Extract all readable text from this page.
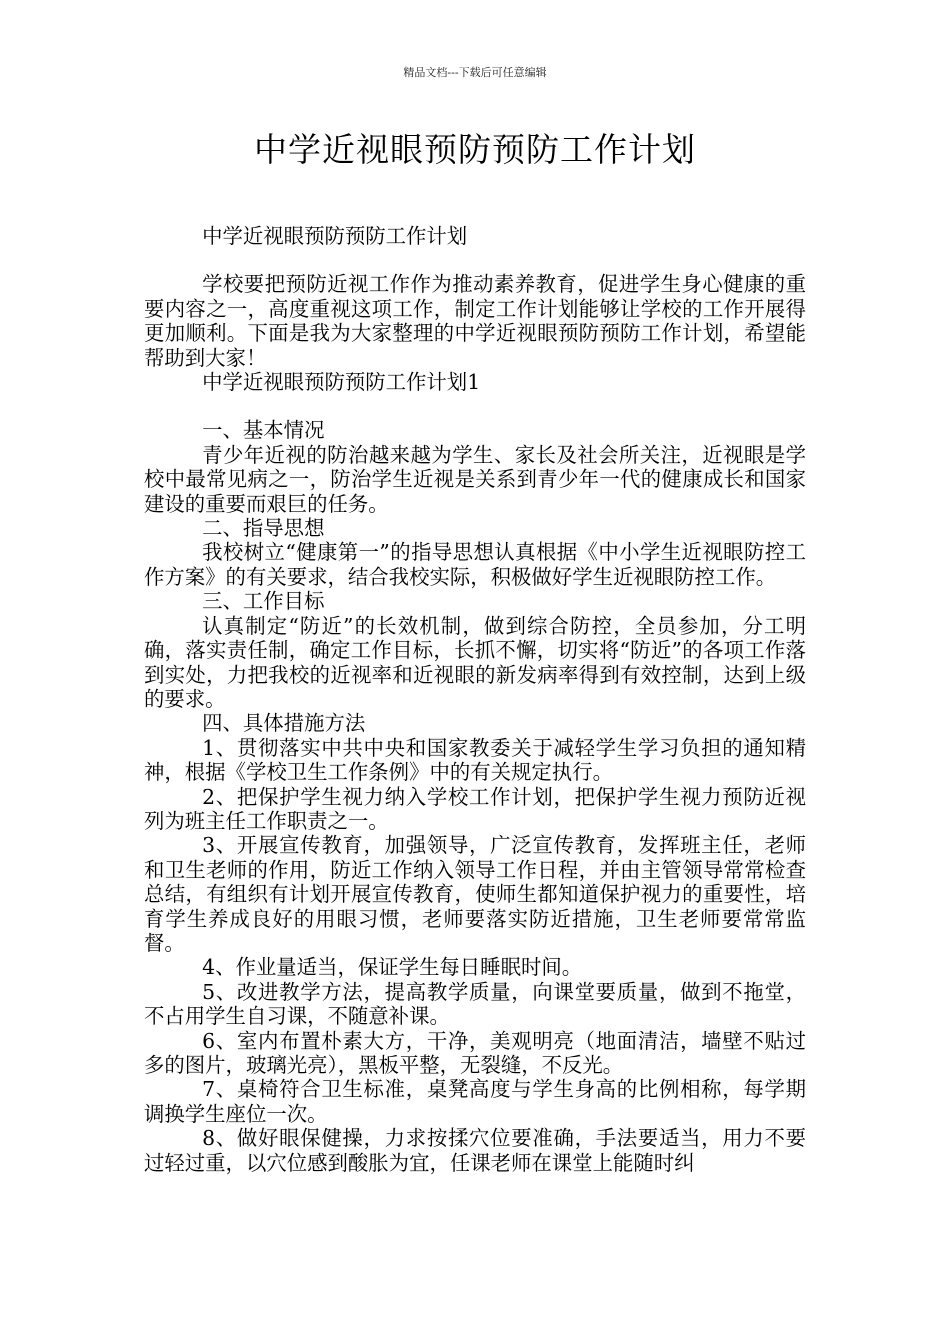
精品文档---下载后可任意编辑
中学近视眼预防预防工作计划

中学近视眼预防预防工作计划

学校要把预防近视工作作为推动素养教育，促进学生身心健康的重要内容之一，高度重视这项工作，制定工作计划能够让学校的工作开展得更加顺利。下面是我为大家整理的中学近视眼预防预防工作计划，希望能帮助到大家！

中学近视眼预防预防工作计划1

一、基本情况

青少年近视的防治越来越为学生、家长及社会所关注，近视眼是学校中最常见病之一，防治学生近视是关系到青少年一代的健康成长和国家建设的重要而艰巨的任务。

二、指导思想

我校树立“健康第一”的指导思想认真根据《中小学生近视眼防控工作方案》的有关要求，结合我校实际，积极做好学生近视眼防控工作。

三、工作目标

认真制定“防近”的长效机制，做到综合防控，全员参加，分工明确，落实责任制，确定工作目标，长抓不懈，切实将“防近”的各项工作落到实处，力把我校的近视率和近视眼的新发病率得到有效控制，达到上级的要求。

四、具体措施方法

1、贯彻落实中共中央和国家教委关于减轻学生学习负担的通知精神，根据《学校卫生工作条例》中的有关规定执行。

2、把保护学生视力纳入学校工作计划，把保护学生视力预防近视列为班主任工作职责之一。

3、开展宣传教育，加强领导，广泛宣传教育，发挥班主任，老师和卫生老师的作用，防近工作纳入领导工作日程，并由主管领导常常检查总结，有组织有计划开展宣传教育，使师生都知道保护视力的重要性，培育学生养成良好的用眼习惯，老师要落实防近措施，卫生老师要常常监督。

4、作业量适当，保证学生每日睡眠时间。

5、改进教学方法，提高教学质量，向课堂要质量，做到不拖堂，不占用学生自习课，不随意补课。

6、室内布置朴素大方，干净，美观明亮（地面清洁，墙壁不贴过多的图片，玻璃光亮），黑板平整，无裂缝，不反光。

7、桌椅符合卫生标准，桌凳高度与学生身高的比例相称，每学期调换学生座位一次。

8、做好眼保健操，力求按揉穴位要准确，手法要适当，用力不要过轻过重，以穴位感到酸胀为宜，任课老师在课堂上能随时纠
